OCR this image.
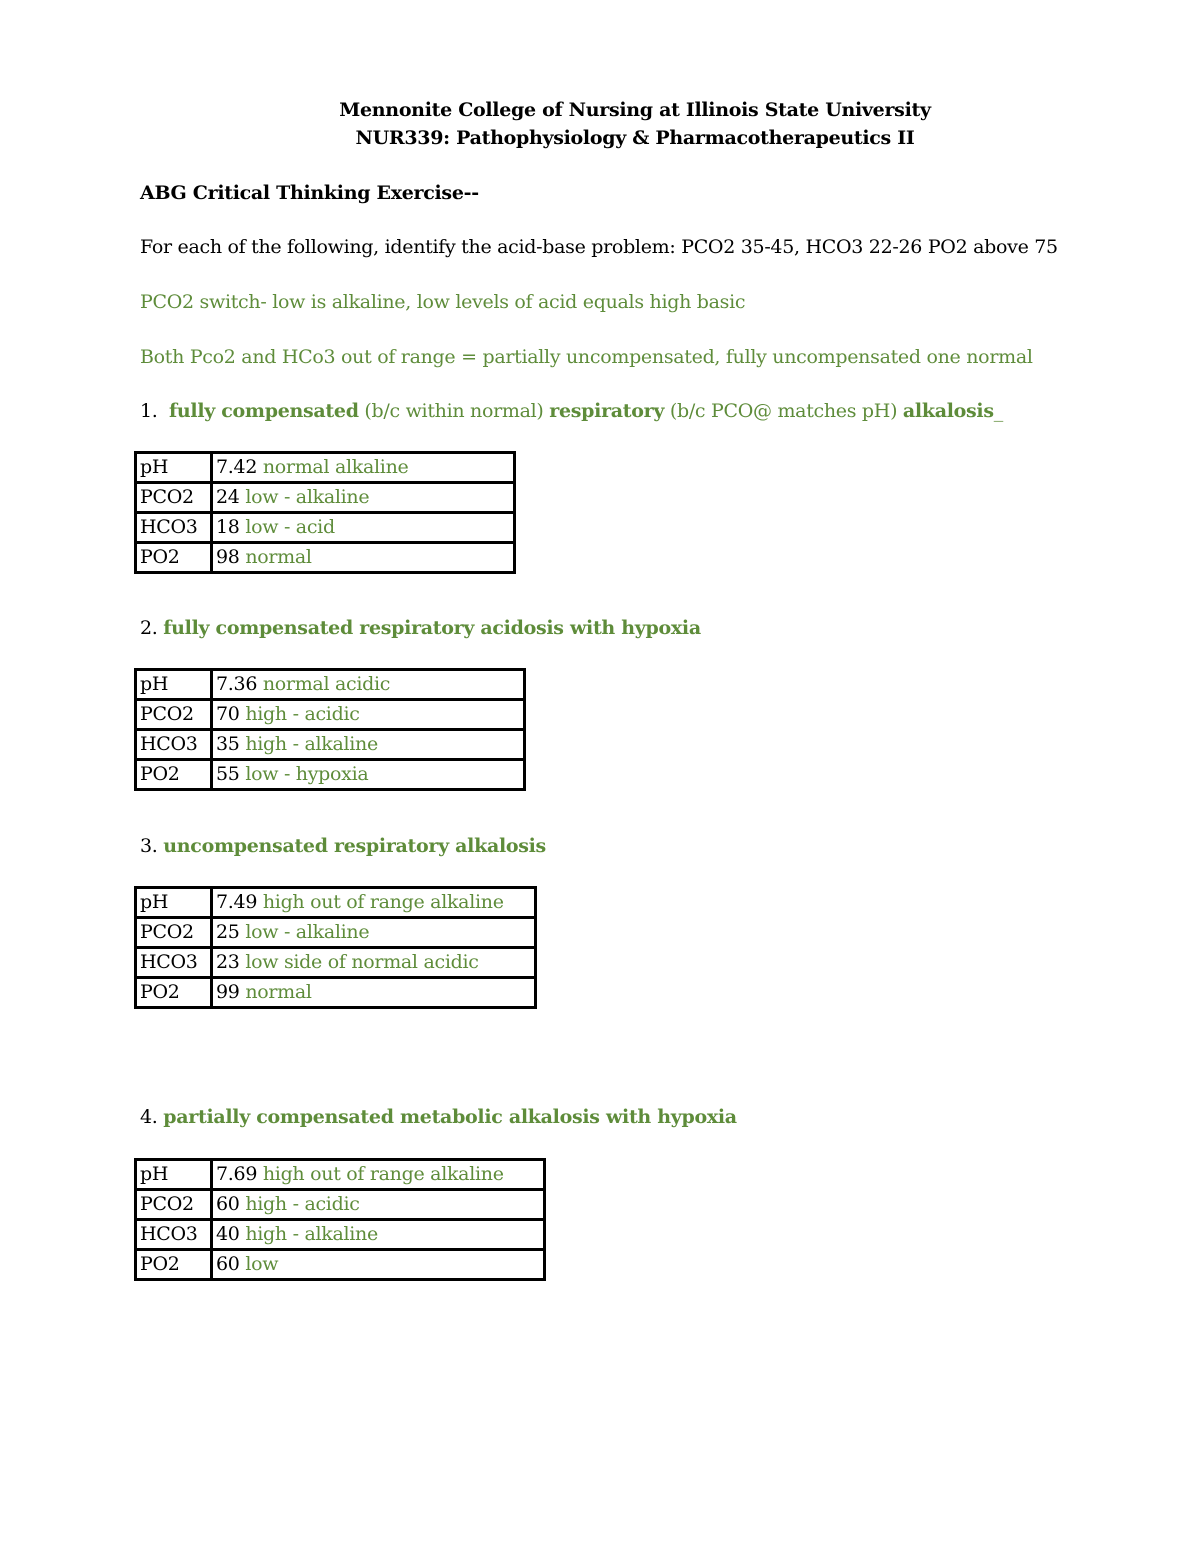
Mennonite College of Nursing at Illinois State University
NUR339: Pathophysiology & Pharmacotherapeutics II
ABG Critical Thinking Exercise--
For each of the following, identify the acid-base problem: PCO2 35-45, HCO3 22-26 PO2 above 75
PCO2 switch- low is alkaline, low levels of acid equals high basic
Both Pco2 and HCo3 out of range = partially uncompensated, fully uncompensated one normal
1. fully compensated (b/c within normal) respiratory (b/c PCO@ matches pH) alkalosis_
pH	7.42 normal alkaline
PCO2	24 low - alkaline
HCO3	18 low - acid
PO2	98 normal
2. fully compensated respiratory acidosis with hypoxia
pH	7.36 normal acidic
PCO2	70 high - acidic
HCO3	35 high - alkaline
PO2	55 low - hypoxia
3. uncompensated respiratory alkalosis
pH	7.49 high out of range alkaline
PCO2	25 low - alkaline
HCO3	23 low side of normal acidic
PO2	99 normal
4. partially compensated metabolic alkalosis with hypoxia
pH	7.69 high out of range alkaline
PCO2	60 high - acidic
HCO3	40 high - alkaline
PO2	60 low
